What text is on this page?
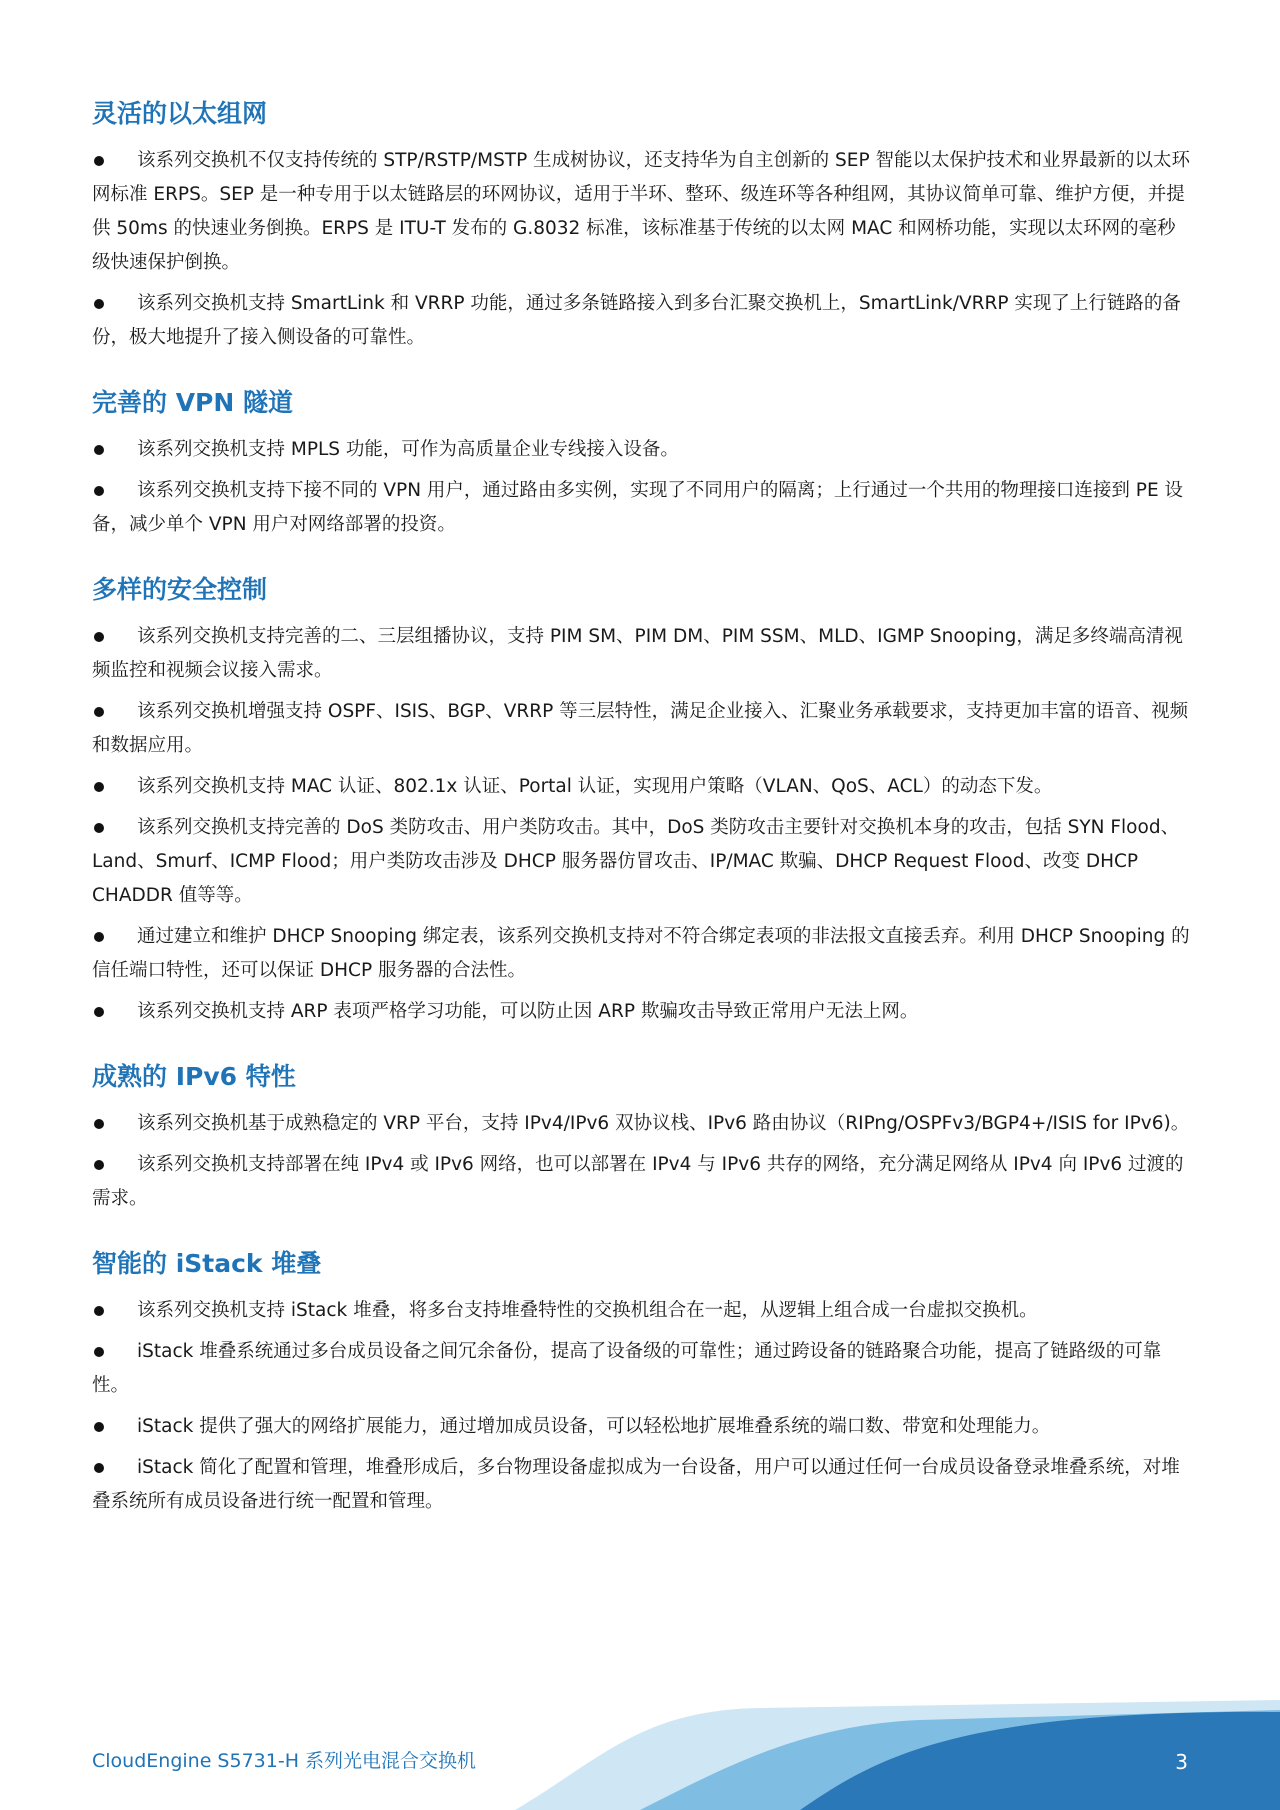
灵活的以太组网

该系列交换机不仅支持传统的 STP/RSTP/MSTP 生成树协议，还支持华为自主创新的 SEP 智能以太保护技术和业界最新的以太环网标准 ERPS。SEP 是一种专用于以太链路层的环网协议，适用于半环、整环、级连环等各种组网，其协议简单可靠、维护方便，并提供 50ms 的快速业务倒换。ERPS 是 ITU-T 发布的 G.8032 标准，该标准基于传统的以太网 MAC 和网桥功能，实现以太环网的毫秒级快速保护倒换。

该系列交换机支持 SmartLink 和 VRRP 功能，通过多条链路接入到多台汇聚交换机上，SmartLink/VRRP 实现了上行链路的备份，极大地提升了接入侧设备的可靠性。

完善的 VPN 隧道

该系列交换机支持 MPLS 功能，可作为高质量企业专线接入设备。

该系列交换机支持下接不同的 VPN 用户，通过路由多实例，实现了不同用户的隔离；上行通过一个共用的物理接口连接到 PE 设备，减少单个 VPN 用户对网络部署的投资。

多样的安全控制

该系列交换机支持完善的二、三层组播协议，支持 PIM SM、PIM DM、PIM SSM、MLD、IGMP Snooping，满足多终端高清视频监控和视频会议接入需求。

该系列交换机增强支持 OSPF、ISIS、BGP、VRRP 等三层特性，满足企业接入、汇聚业务承载要求，支持更加丰富的语音、视频和数据应用。

该系列交换机支持 MAC 认证、802.1x 认证、Portal 认证，实现用户策略（VLAN、QoS、ACL）的动态下发。

该系列交换机支持完善的 DoS 类防攻击、用户类防攻击。其中，DoS 类防攻击主要针对交换机本身的攻击，包括 SYN Flood、Land、Smurf、ICMP Flood；用户类防攻击涉及 DHCP 服务器仿冒攻击、IP/MAC 欺骗、DHCP Request Flood、改变 DHCP CHADDR 值等等。

通过建立和维护 DHCP Snooping 绑定表，该系列交换机支持对不符合绑定表项的非法报文直接丢弃。利用 DHCP Snooping 的信任端口特性，还可以保证 DHCP 服务器的合法性。

该系列交换机支持 ARP 表项严格学习功能，可以防止因 ARP 欺骗攻击导致正常用户无法上网。

成熟的 IPv6 特性

该系列交换机基于成熟稳定的 VRP 平台，支持 IPv4/IPv6 双协议栈、IPv6 路由协议（RIPng/OSPFv3/BGP4+/ISIS for IPv6)。

该系列交换机支持部署在纯 IPv4 或 IPv6 网络，也可以部署在 IPv4 与 IPv6 共存的网络，充分满足网络从 IPv4 向 IPv6 过渡的需求。

智能的 iStack 堆叠

该系列交换机支持 iStack 堆叠，将多台支持堆叠特性的交换机组合在一起，从逻辑上组合成一台虚拟交换机。

iStack 堆叠系统通过多台成员设备之间冗余备份，提高了设备级的可靠性；通过跨设备的链路聚合功能，提高了链路级的可靠性。

iStack 提供了强大的网络扩展能力，通过增加成员设备，可以轻松地扩展堆叠系统的端口数、带宽和处理能力。

iStack 简化了配置和管理，堆叠形成后，多台物理设备虚拟成为一台设备，用户可以通过任何一台成员设备登录堆叠系统，对堆叠系统所有成员设备进行统一配置和管理。

CloudEngine S5731-H 系列光电混合交换机	3
